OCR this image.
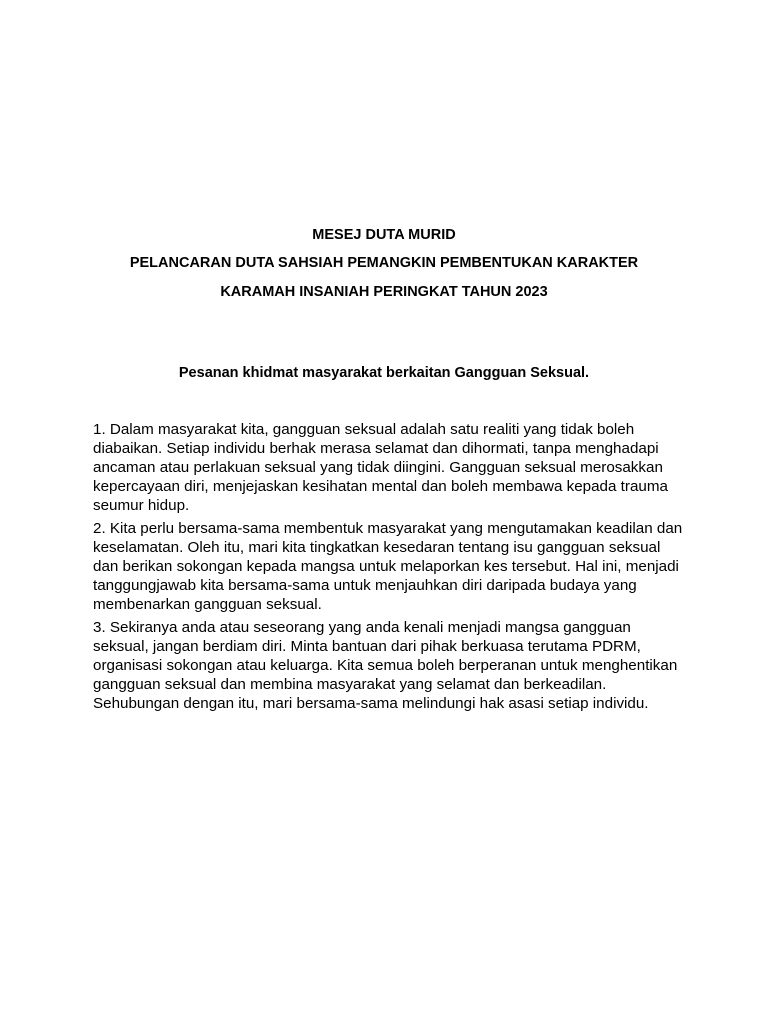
MESEJ DUTA MURID

PELANCARAN DUTA SAHSIAH PEMANGKIN PEMBENTUKAN KARAKTER

KARAMAH INSANIAH PERINGKAT TAHUN 2023

Pesanan khidmat masyarakat berkaitan Gangguan Seksual.

1. Dalam masyarakat kita, gangguan seksual adalah satu realiti yang tidak boleh diabaikan. Setiap individu berhak merasa selamat dan dihormati, tanpa menghadapi ancaman atau perlakuan seksual yang tidak diingini. Gangguan seksual merosakkan kepercayaan diri, menjejaskan kesihatan mental dan boleh membawa kepada trauma seumur hidup.

2. Kita perlu bersama-sama membentuk masyarakat yang mengutamakan keadilan dan keselamatan. Oleh itu, mari kita tingkatkan kesedaran tentang isu gangguan seksual dan berikan sokongan kepada mangsa untuk melaporkan kes tersebut. Hal ini, menjadi tanggungjawab kita bersama-sama untuk menjauhkan diri daripada budaya yang membenarkan gangguan seksual.

3. Sekiranya anda atau seseorang yang anda kenali menjadi mangsa gangguan seksual, jangan berdiam diri. Minta bantuan dari pihak berkuasa terutama PDRM, organisasi sokongan atau keluarga. Kita semua boleh berperanan untuk menghentikan gangguan seksual dan membina masyarakat yang selamat dan berkeadilan. Sehubungan dengan itu, mari bersama-sama melindungi hak asasi setiap individu.
